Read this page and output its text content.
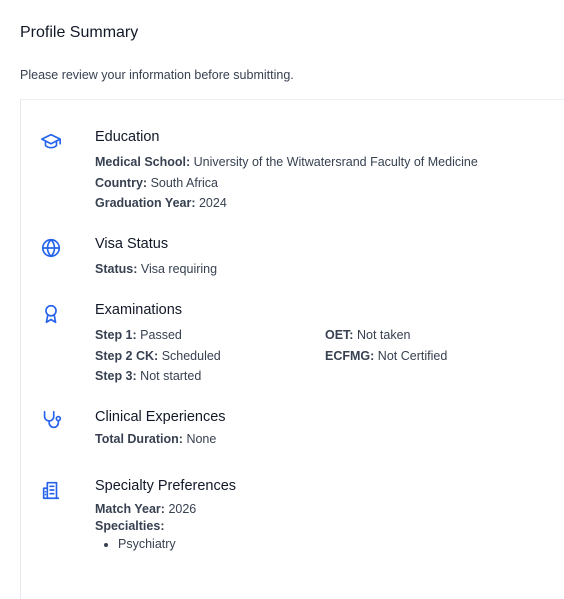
Profile Summary
Please review your information before submitting.
Education
Medical School: University of the Witwatersrand Faculty of Medicine
Country: South Africa
Graduation Year: 2024
Visa Status
Status: Visa requiring
Examinations
Step 1: Passed
Step 2 CK: Scheduled
Step 3: Not started
OET: Not taken
ECFMG: Not Certified
Clinical Experiences
Total Duration: None
Specialty Preferences
Match Year: 2026
Specialties:
• Psychiatry
